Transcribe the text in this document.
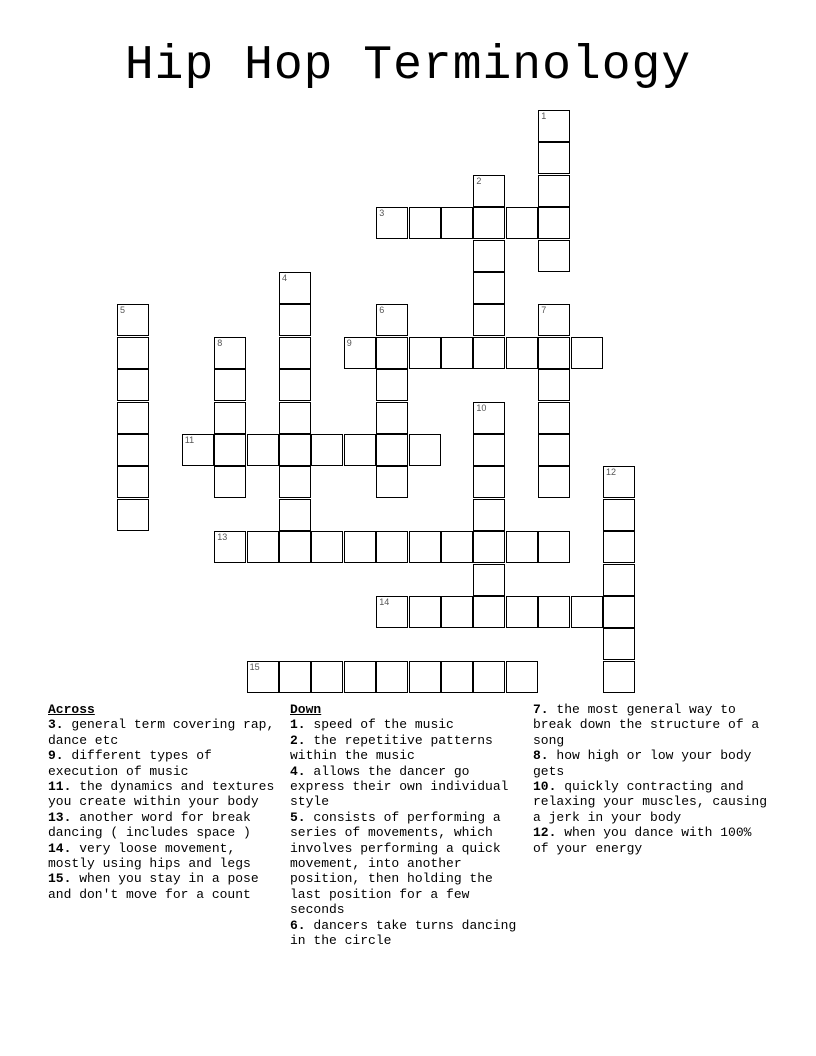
Hip Hop Terminology
1
2
3
4
5	6	7
8	9
10
11
12
13
14
15
Across
3. general term covering rap, dance etc
9. different types of execution of music
11. the dynamics and textures you create within your body
13. another word for break dancing ( includes space )
14. very loose movement, mostly using hips and legs
15. when you stay in a pose and don't move for a count
Down
1. speed of the music
2. the repetitive patterns within the music
4. allows the dancer go express their own individual style
5. consists of performing a series of movements, which involves performing a quick movement, into another position, then holding the last position for a few seconds
6. dancers take turns dancing in the circle
7. the most general way to break down the structure of a song
8. how high or low your body gets
10. quickly contracting and relaxing your muscles, causing a jerk in your body
12. when you dance with 100% of your energy
